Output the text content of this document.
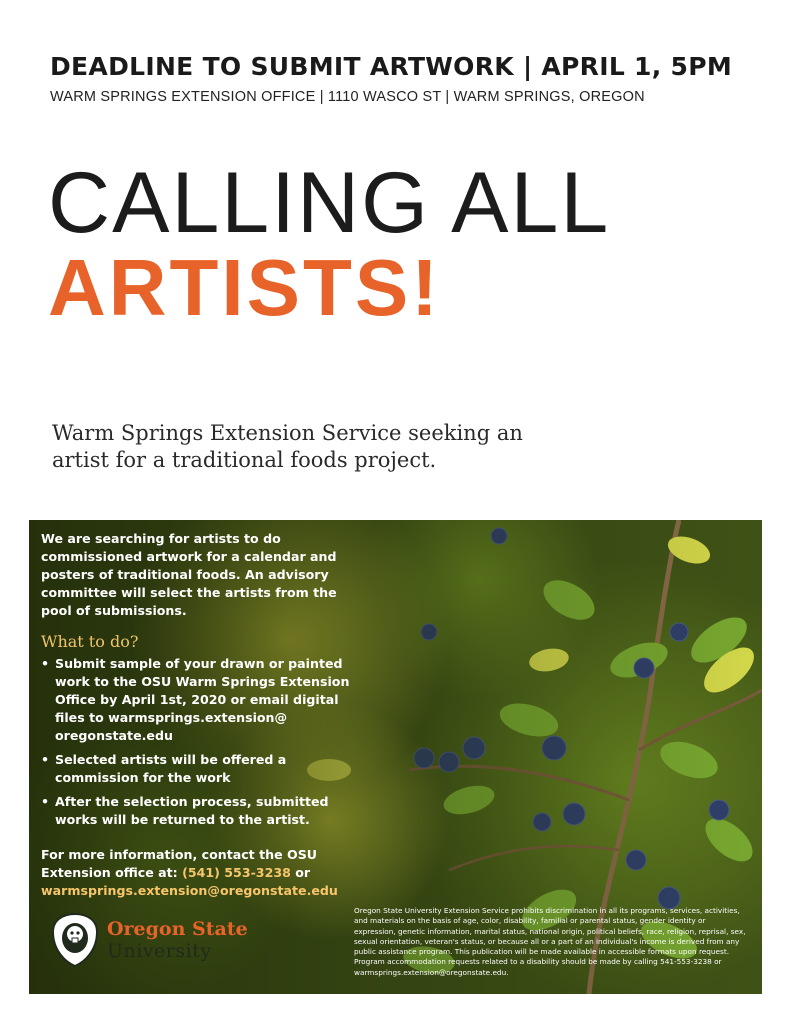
DEADLINE TO SUBMIT ARTWORK | APRIL 1, 5PM
WARM SPRINGS EXTENSION OFFICE | 1110 WASCO ST | WARM SPRINGS, OREGON
CALLING ALL
ARTISTS!
Warm Springs Extension Service seeking an artist for a traditional foods project.

We are searching for artists to do commissioned artwork for a calendar and posters of traditional foods. An advisory committee will select the artists from the pool of submissions.

What to do?
• Submit sample of your drawn or painted work to the OSU Warm Springs Extension Office by April 1st, 2020 or email digital files to warmsprings.extension@ oregonstate.edu
• Selected artists will be offered a commission for the work
• After the selection process, submitted works will be returned to the artist.
For more information, contact the OSU Extension office at: (541) 553-3238 or warmsprings.extension@oregonstate.edu
Oregon State
University
Oregon State University Extension Service prohibits discrimination in all its programs, services, activities, and materials on the basis of age, color, disability, familial or parental status, gender identity or expression, genetic information, marital status, national origin, political beliefs, race, religion, reprisal, sex, sexual orientation, veteran's status, or because all or a part of an individual's income is derived from any public assistance program. This publication will be made available in accessible formats upon request. Program accommodation requests related to a disability should be made by calling 541-553-3238 or warmsprings.extension@oregonstate.edu.
